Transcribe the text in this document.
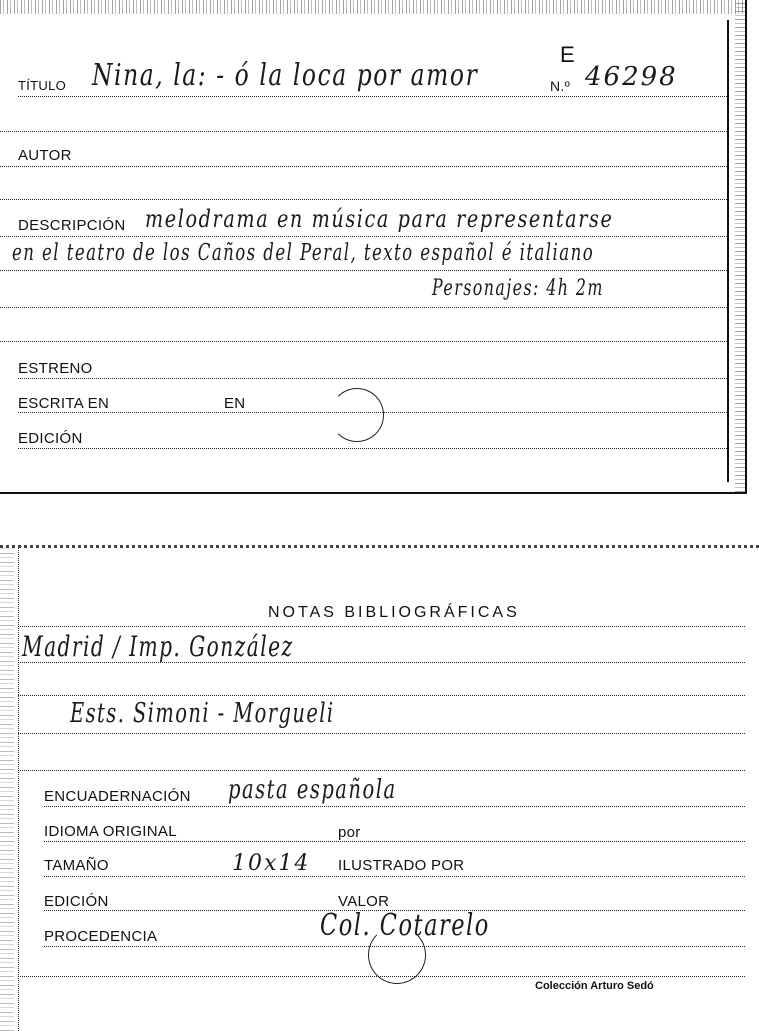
E
TÍTULO Nina, la: - ó la loca por amor	N.º 46298
AUTOR
DESCRIPCIÓN melodrama en música para representarse
en el teatro de los Caños del Peral, texto español é italiano
Personajes: 4h 2m
ESTRENO
ESCRITA EN	EN
EDICIÓN
NOTAS BIBLIOGRÁFICAS
Madrid / Imp. González
Ests. Simoni - Morgueli
ENCUADERNACIÓN pasta española
IDIOMA ORIGINAL	por
TAMAÑO	10x14 ILUSTRADO POR
EDICIÓN	VALOR
PROCEDENCIA	Col. Cotarelo
Colección Arturo Sedó
